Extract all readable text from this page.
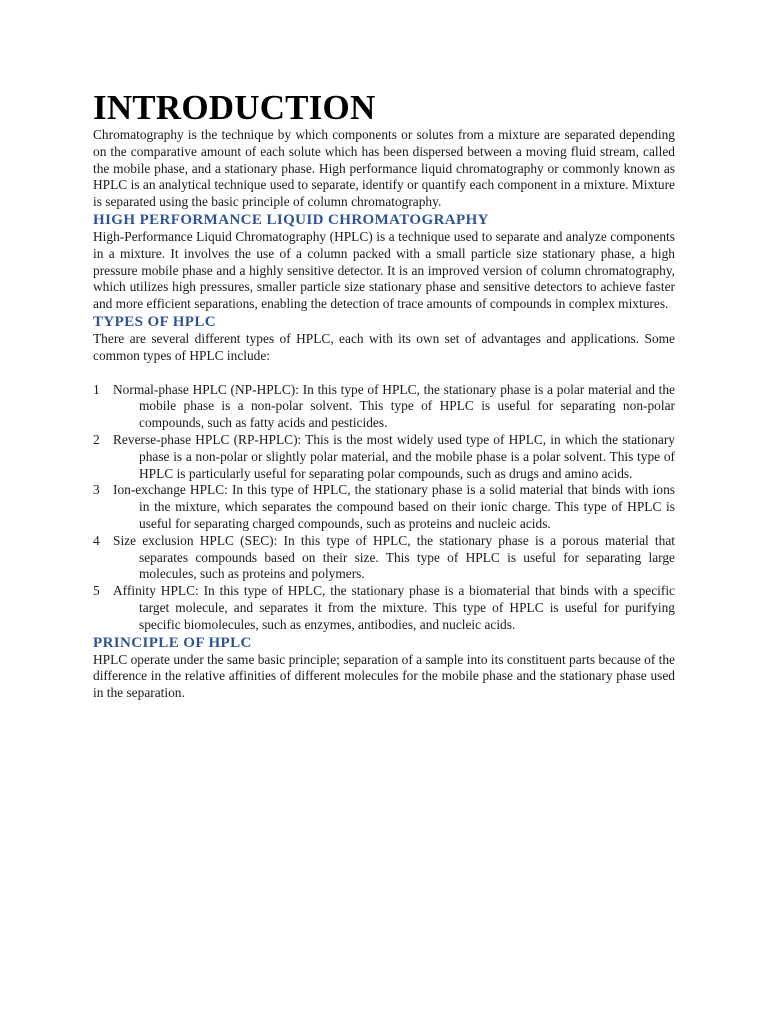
INTRODUCTION

Chromatography is the technique by which components or solutes from a mixture are separated depending on the comparative amount of each solute which has been dispersed between a moving fluid stream, called the mobile phase, and a stationary phase. High performance liquid chromatography or commonly known as HPLC is an analytical technique used to separate, identify or quantify each component in a mixture. Mixture is separated using the basic principle of column chromatography.

HIGH PERFORMANCE LIQUID CHROMATOGRAPHY

High-Performance Liquid Chromatography (HPLC) is a technique used to separate and analyze components in a mixture. It involves the use of a column packed with a small particle size stationary phase, a high pressure mobile phase and a highly sensitive detector. It is an improved version of column chromatography, which utilizes high pressures, smaller particle size stationary phase and sensitive detectors to achieve faster and more efficient separations, enabling the detection of trace amounts of compounds in complex mixtures.

TYPES OF HPLC

There are several different types of HPLC, each with its own set of advantages and applications. Some common types of HPLC include:

1 Normal-phase HPLC (NP-HPLC): In this type of HPLC, the stationary phase is a polar material and the mobile phase is a non-polar solvent. This type of HPLC is useful for separating non-polar compounds, such as fatty acids and pesticides.
2 Reverse-phase HPLC (RP-HPLC): This is the most widely used type of HPLC, in which the stationary phase is a non-polar or slightly polar material, and the mobile phase is a polar solvent. This type of HPLC is particularly useful for separating polar compounds, such as drugs and amino acids.
3 Ion-exchange HPLC: In this type of HPLC, the stationary phase is a solid material that binds with ions in the mixture, which separates the compound based on their ionic charge. This type of HPLC is useful for separating charged compounds, such as proteins and nucleic acids.
4 Size exclusion HPLC (SEC): In this type of HPLC, the stationary phase is a porous material that separates compounds based on their size. This type of HPLC is useful for separating large molecules, such as proteins and polymers.
5 Affinity HPLC: In this type of HPLC, the stationary phase is a biomaterial that binds with a specific target molecule, and separates it from the mixture. This type of HPLC is useful for purifying specific biomolecules, such as enzymes, antibodies, and nucleic acids.
PRINCIPLE OF HPLC

HPLC operate under the same basic principle; separation of a sample into its constituent parts because of the difference in the relative affinities of different molecules for the mobile phase and the stationary phase used in the separation.
